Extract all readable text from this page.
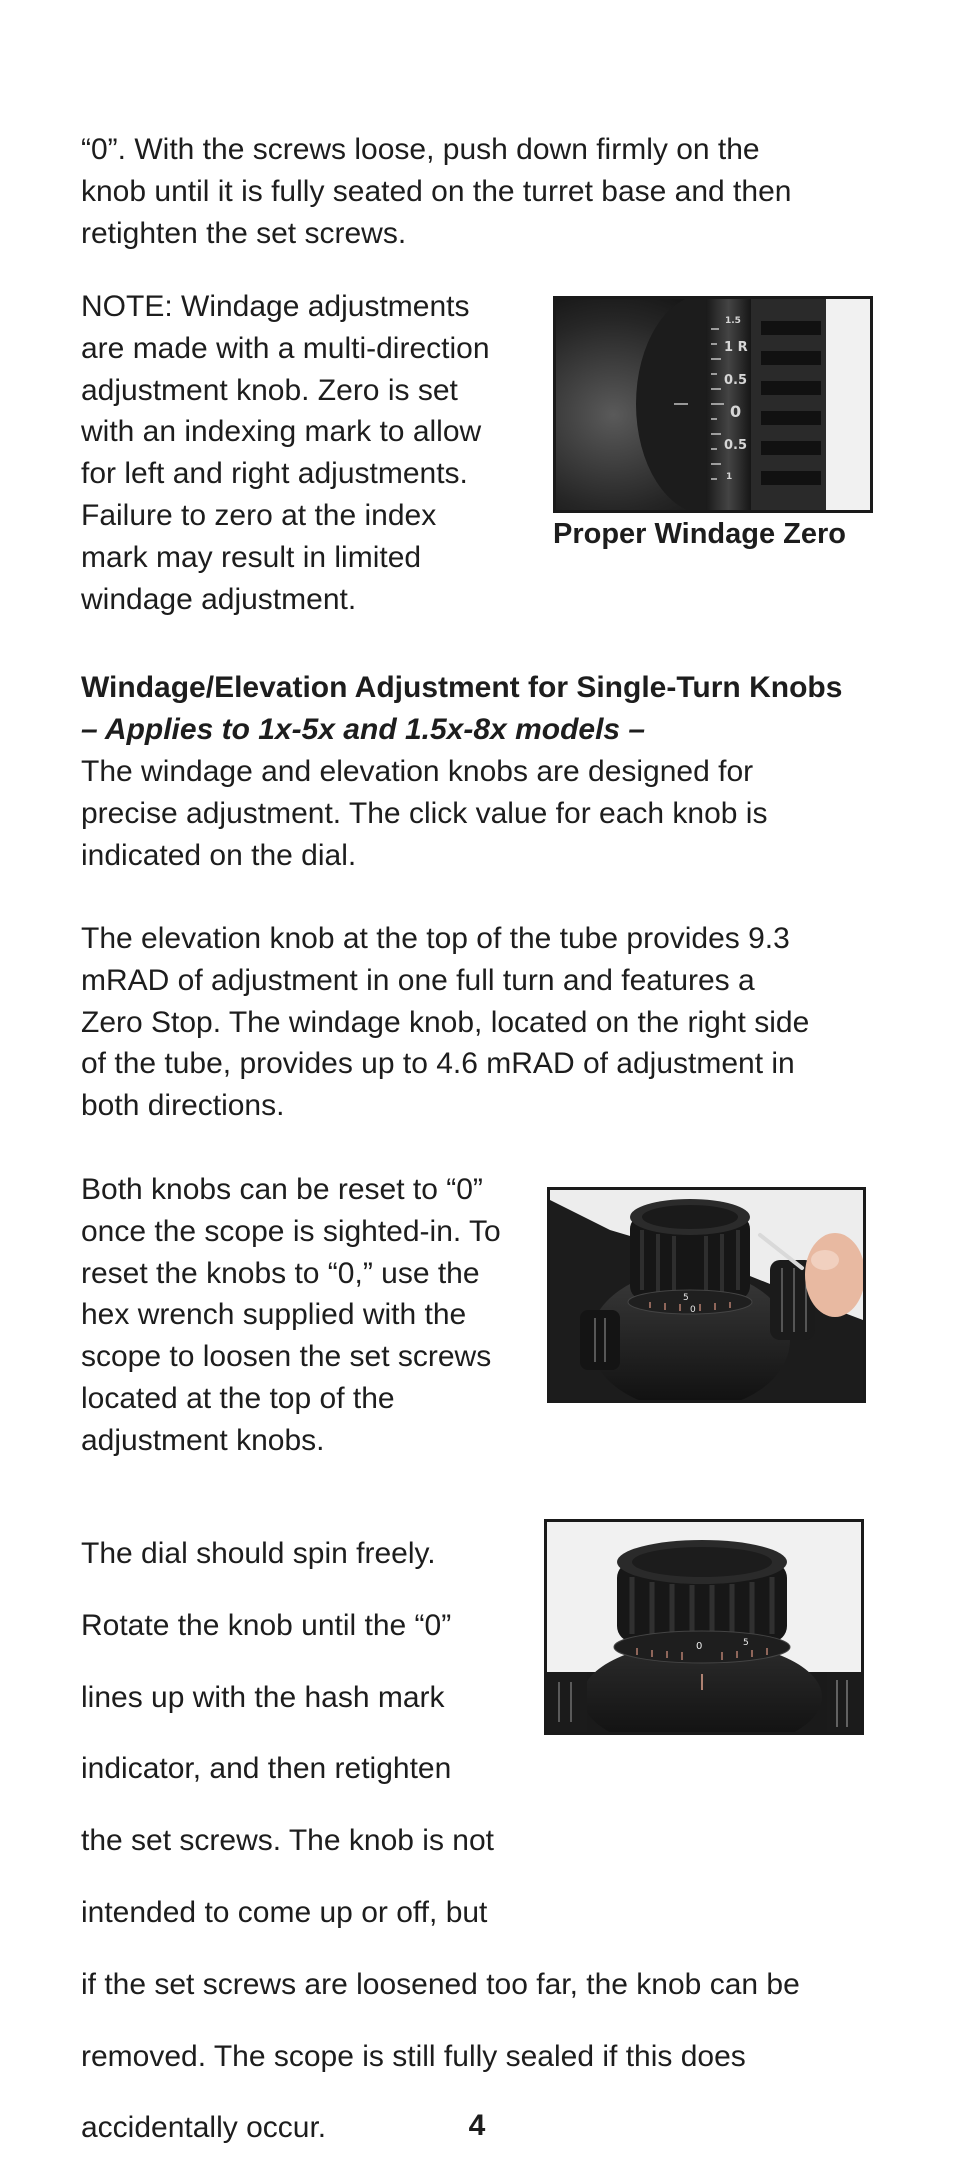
“0”. With the screws loose, push down firmly on the

knob until it is fully seated on the turret base and then

retighten the set screws.

NOTE: Windage adjustments

are made with a multi-direction

adjustment knob. Zero is set

with an indexing mark to allow

for left and right adjustments.

Failure to zero at the index

mark may result in limited

windage adjustment.

1.5
1 R
0.5
0
0.5
1
Proper Windage Zero
Windage/Elevation Adjustment for Single-Turn Knobs
– Applies to 1x-5x and 1.5x-8x models –

The windage and elevation knobs are designed for

precise adjustment. The click value for each knob is

indicated on the dial.

The elevation knob at the top of the tube provides 9.3

mRAD of adjustment in one full turn and features a

Zero Stop. The windage knob, located on the right side

of the tube, provides up to 4.6 mRAD of adjustment in

both directions.

Both knobs can be reset to “0”

once the scope is sighted-in. To

reset the knobs to “0,” use the

hex wrench supplied with the

scope to loosen the set screws

located at the top of the

adjustment knobs.

5
0
0	5

The dial should spin freely.

Rotate the knob until the “0”

lines up with the hash mark

indicator, and then retighten

the set screws. The knob is not

intended to come up or off, but

if the set screws are loosened too far, the knob can be

removed. The scope is still fully sealed if this does

accidentally occur.	4
